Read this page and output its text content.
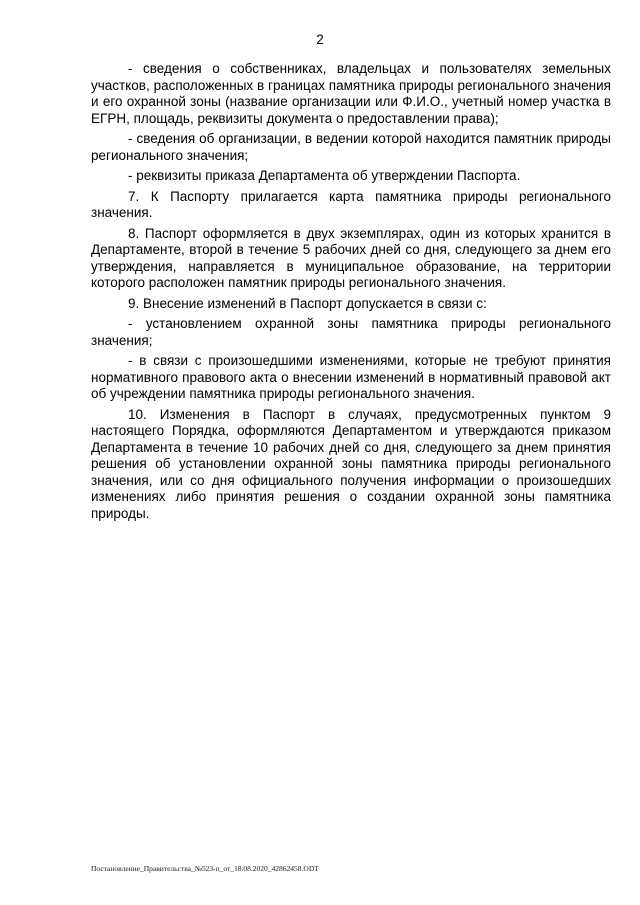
2

- сведения о собственниках, владельцах и пользователях земельных участков, расположенных в границах памятника природы регионального значения и его охранной зоны (название организации или Ф.И.О., учетный номер участка в ЕГРН, площадь, реквизиты документа о предоставлении права);

- сведения об организации, в ведении которой находится памятник природы регионального значения;

- реквизиты приказа Департамента об утверждении Паспорта.

7. К Паспорту прилагается карта памятника природы регионального значения.

8. Паспорт оформляется в двух экземплярах, один из которых хранится в Департаменте, второй в течение 5 рабочих дней со дня, следующего за днем его утверждения, направляется в муниципальное образование, на территории которого расположен памятник природы регионального значения.

9. Внесение изменений в Паспорт допускается в связи с:

- установлением охранной зоны памятника природы регионального значения;

- в связи с произошедшими изменениями, которые не требуют принятия нормативного правового акта о внесении изменений в нормативный правовой акт об учреждении памятника природы регионального значения.

10. Изменения в Паспорт в случаях, предусмотренных пунктом 9 настоящего Порядка, оформляются Департаментом и утверждаются приказом Департамента в течение 10 рабочих дней со дня, следующего за днем принятия решения об установлении охранной зоны памятника природы регионального значения, или со дня официального получения информации о произошедших изменениях либо принятия решения о создании охранной зоны памятника природы.

Постановление_Правительства_№523-п_от_18.08.2020_42862458.ODT
